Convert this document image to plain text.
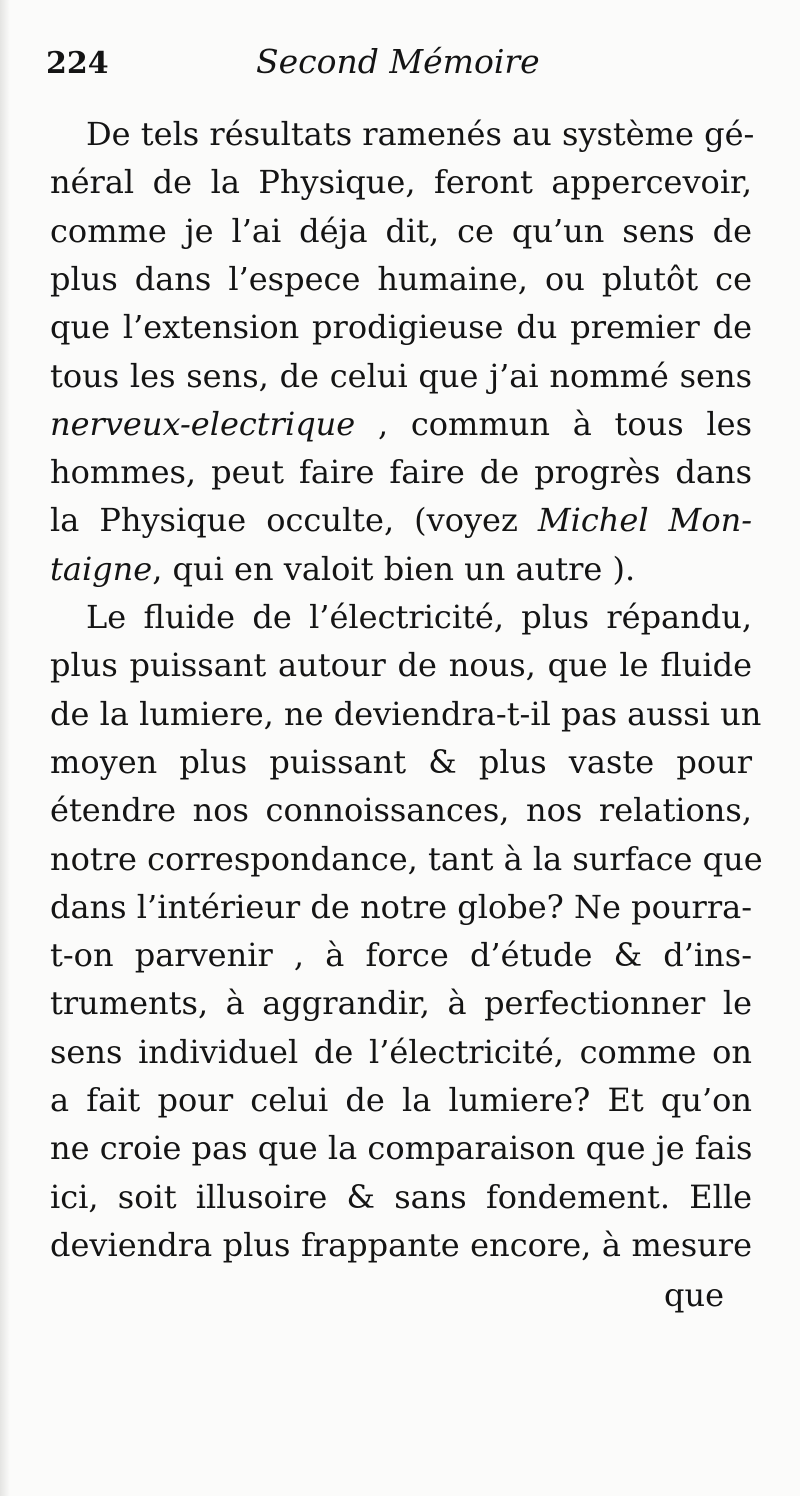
224	Second Mémoire
De tels résultats ramenés au système gé-
néral de la Physique, feront appercevoir,
comme je l’ai déja dit, ce qu’un sens de
plus dans l’espece humaine, ou plutôt ce
que l’extension prodigieuse du premier de
tous les sens, de celui que j’ai nommé sens
nerveux-electrique , commun à tous les
hommes, peut faire faire de progrès dans
la Physique occulte, (voyez Michel Mon-
taigne, qui en valoit bien un autre ).
Le fluide de l’électricité, plus répandu,
plus puissant autour de nous, que le fluide
de la lumiere, ne deviendra-t-il pas aussi un
moyen plus puissant & plus vaste pour
étendre nos connoissances, nos relations,
notre correspondance, tant à la surface que
dans l’intérieur de notre globe? Ne pourra-
t-on parvenir , à force d’étude & d’ins-
truments, à aggrandir, à perfectionner le
sens individuel de l’électricité, comme on
a fait pour celui de la lumiere? Et qu’on
ne croie pas que la comparaison que je fais
ici, soit illusoire & sans fondement. Elle
deviendra plus frappante encore, à mesure
que
